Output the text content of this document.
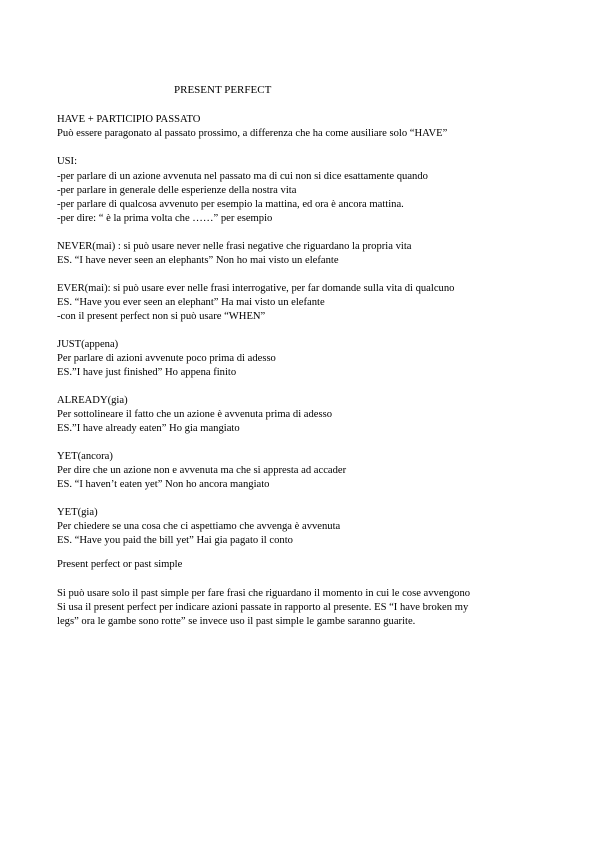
PRESENT PERFECT
HAVE + PARTICIPIO PASSATO
Può essere paragonato al passato prossimo, a differenza che ha come ausiliare solo “HAVE”
USI:
-per parlare di un azione avvenuta nel passato ma di cui non si dice esattamente quando
-per parlare in generale delle esperienze della nostra vita
-per parlare di qualcosa avvenuto per esempio la mattina, ed ora è ancora mattina.
-per dire: “ è la prima volta che ……” per esempio
NEVER(mai) : si può usare never nelle frasi negative che riguardano la propria vita
ES. “I have never seen an elephants” Non ho mai visto un elefante
EVER(mai): si può usare ever nelle frasi interrogative, per far domande sulla vita di qualcuno
ES. “Have you ever seen an elephant” Ha mai visto un elefante
-con il present perfect non si può usare “WHEN”
JUST(appena)
Per parlare di azioni avvenute poco prima di adesso
ES.”I have just finished” Ho appena finito
ALREADY(gia)
Per sottolineare il fatto che un azione è avvenuta prima di adesso
ES.”I have already eaten” Ho gia mangiato
YET(ancora)
Per dire che un azione non e avvenuta ma che si appresta ad accader
ES. “I haven’t eaten yet” Non ho ancora mangiato
YET(gia)
Per chiedere se una cosa che ci aspettiamo che avvenga è avvenuta
ES. “Have you paid the bill yet” Hai gia pagato il conto
Present perfect or past simple
Si può usare solo il past simple per fare frasi che riguardano il momento in cui le cose avvengono
Si usa il present perfect per indicare azioni passate in rapporto al presente. ES “I have broken my
legs” ora le gambe sono rotte” se invece uso il past simple le gambe saranno guarite.
